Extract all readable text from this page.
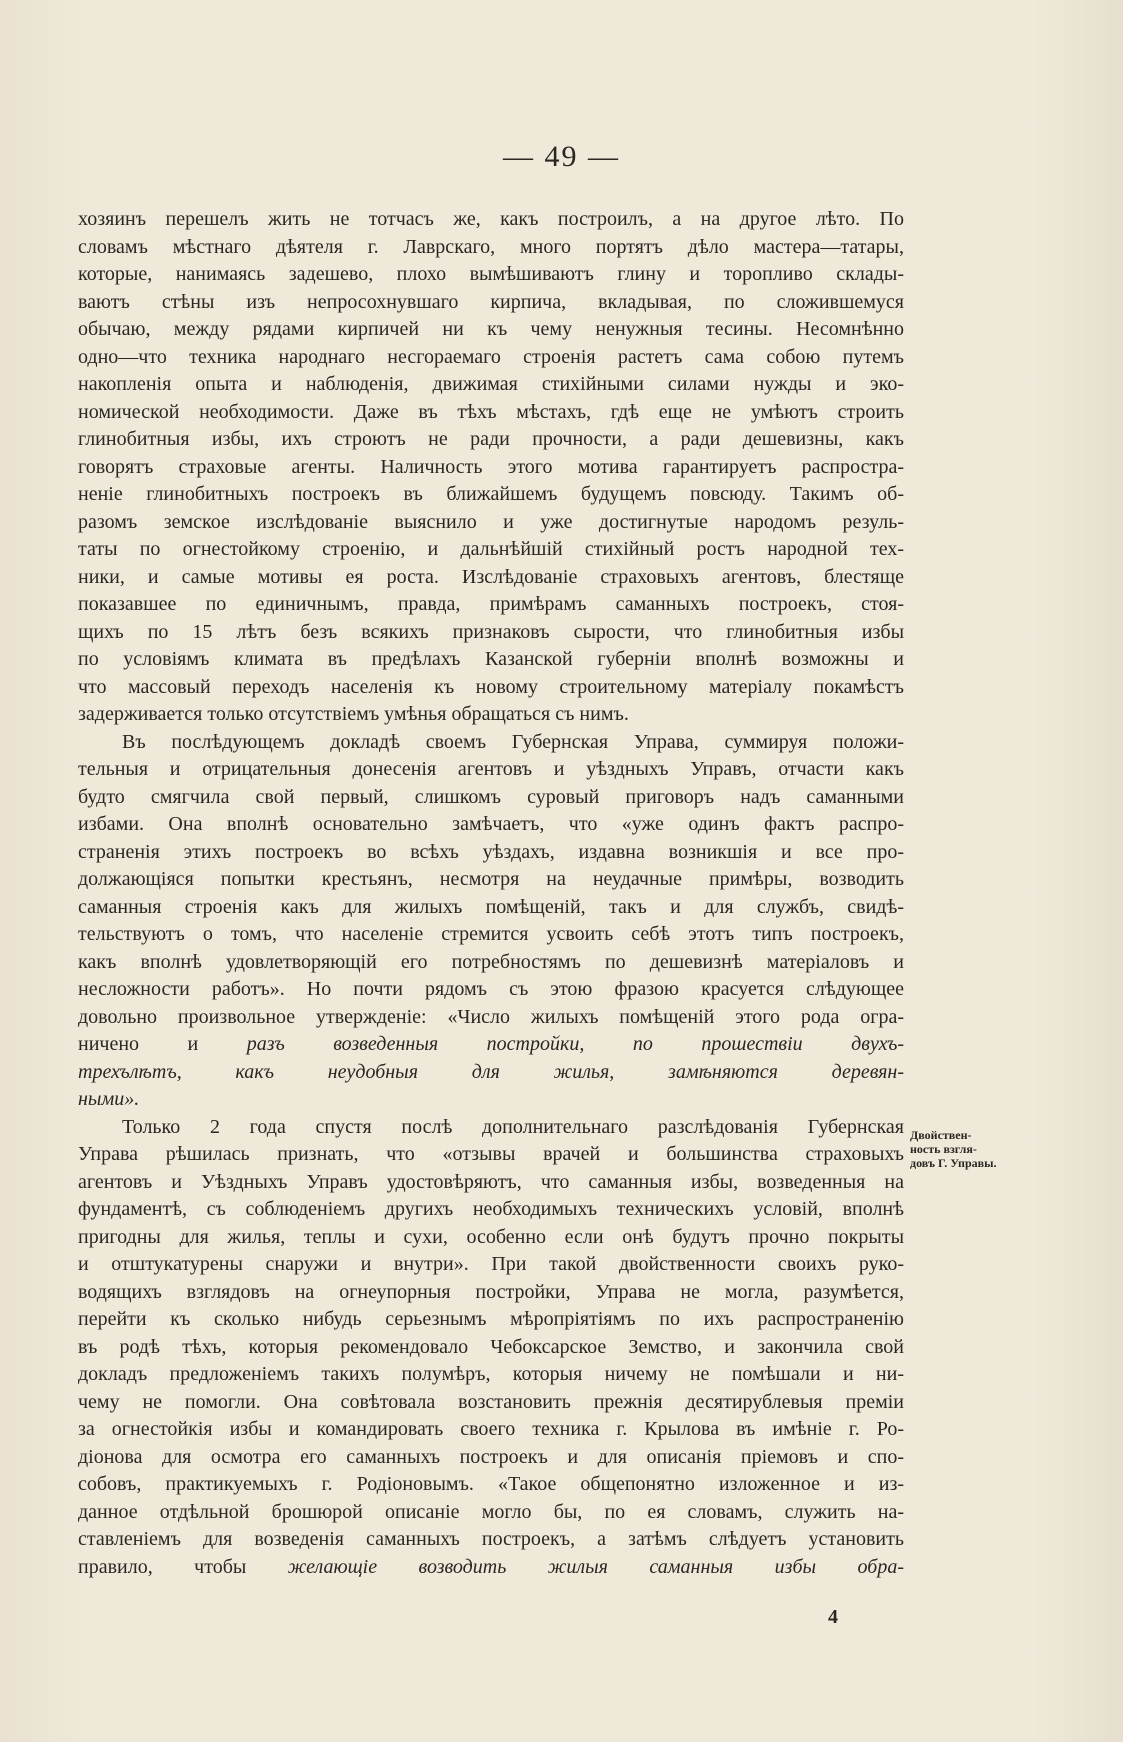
— 49 —

хозяинъ перешелъ жить не тотчасъ же, какъ построилъ, а на другое лѣто. По
словамъ мѣстнаго дѣятеля г. Лаврскаго, много портятъ дѣло мастера—татары,
которые, нанимаясь задешево, плохо вымѣшиваютъ глину и торопливо склады-
ваютъ стѣны изъ непросохнувшаго кирпича, вкладывая, по сложившемуся
обычаю, между рядами кирпичей ни къ чему ненужныя тесины. Несомнѣнно
одно—что техника народнаго несгораемаго строенія растетъ сама собою путемъ
накопленія опыта и наблюденія, движимая стихійными силами нужды и эко-
номической необходимости. Даже въ тѣхъ мѣстахъ, гдѣ еще не умѣютъ строить
глинобитныя избы, ихъ строютъ не ради прочности, а ради дешевизны, какъ
говорятъ страховые агенты. Наличность этого мотива гарантируетъ распростра-
неніе глинобитныхъ построекъ въ ближайшемъ будущемъ повсюду. Такимъ об-
разомъ земское изслѣдованіе выяснило и уже достигнутые народомъ резуль-
таты по огнестойкому строенію, и дальнѣйшій стихійный ростъ народной тех-
ники, и самые мотивы ея роста. Изслѣдованіе страховыхъ агентовъ, блестяще
показавшее по единичнымъ, правда, примѣрамъ саманныхъ построекъ, стоя-
щихъ по 15 лѣтъ безъ всякихъ признаковъ сырости, что глинобитныя избы
по условіямъ климата въ предѣлахъ Казанской губерніи вполнѣ возможны и
что массовый переходъ населенія къ новому строительному матеріалу покамѣстъ
задерживается только отсутствіемъ умѣнья обращаться съ нимъ.

Въ послѣдующемъ докладѣ своемъ Губернская Управа, суммируя положи-
тельныя и отрицательныя донесенія агентовъ и уѣздныхъ Управъ, отчасти какъ
будто смягчила свой первый, слишкомъ суровый приговоръ надъ саманными
избами. Она вполнѣ основательно замѣчаетъ, что «уже одинъ фактъ распро-
страненія этихъ построекъ во всѣхъ уѣздахъ, издавна возникшія и все про-
должающіяся попытки крестьянъ, несмотря на неудачные примѣры, возводить
саманныя строенія какъ для жилыхъ помѣщеній, такъ и для службъ, свидѣ-
тельствуютъ о томъ, что населеніе стремится усвоить себѣ этотъ типъ построекъ,
какъ вполнѣ удовлетворяющій его потребностямъ по дешевизнѣ матеріаловъ и
несложности работъ». Но почти рядомъ съ этою фразою красуется слѣдующее
довольно произвольное утвержденіе: «Число жилыхъ помѣщеній этого рода огра-
ничено и разъ возведенныя постройки, по прошествіи двухъ-
трехълѣтъ, какъ неудобныя для жилья, замѣняются деревян-
ными».

Только 2 года спустя послѣ дополнительнаго разслѣдованія Губернская
Управа рѣшилась признать, что «отзывы врачей и большинства страховыхъ
агентовъ и Уѣздныхъ Управъ удостовѣряютъ, что саманныя избы, возведенныя на
фундаментѣ, съ соблюденіемъ другихъ необходимыхъ техническихъ условій, вполнѣ
пригодны для жилья, теплы и сухи, особенно если онѣ будутъ прочно покрыты
и отштукатурены снаружи и внутри». При такой двойственности своихъ руко-
водящихъ взглядовъ на огнеупорныя постройки, Управа не могла, разумѣется,
перейти къ сколько нибудь серьезнымъ мѣропріятіямъ по ихъ распространенію
въ родѣ тѣхъ, которыя рекомендовало Чебоксарское Земство, и закончила свой
докладъ предложеніемъ такихъ полумѣръ, которыя ничему не помѣшали и ни-
чему не помогли. Она совѣтовала возстановить прежнія десятирублевыя преміи
за огнестойкія избы и командировать своего техника г. Крылова въ имѣніе г. Ро-
діонова для осмотра его саманныхъ построекъ и для описанія пріемовъ и спо-
собовъ, практикуемыхъ г. Родіоновымъ. «Такое общепонятно изложенное и из-
данное отдѣльной брошюрой описаніе могло бы, по ея словамъ, служить на-
ставленіемъ для возведенія саманныхъ построекъ, а затѣмъ слѣдуетъ установить
правило, чтобы желающіе возводить жилыя саманныя избы обра-

Двойствен-
ность взгля-
довъ Г. Управы.
4
